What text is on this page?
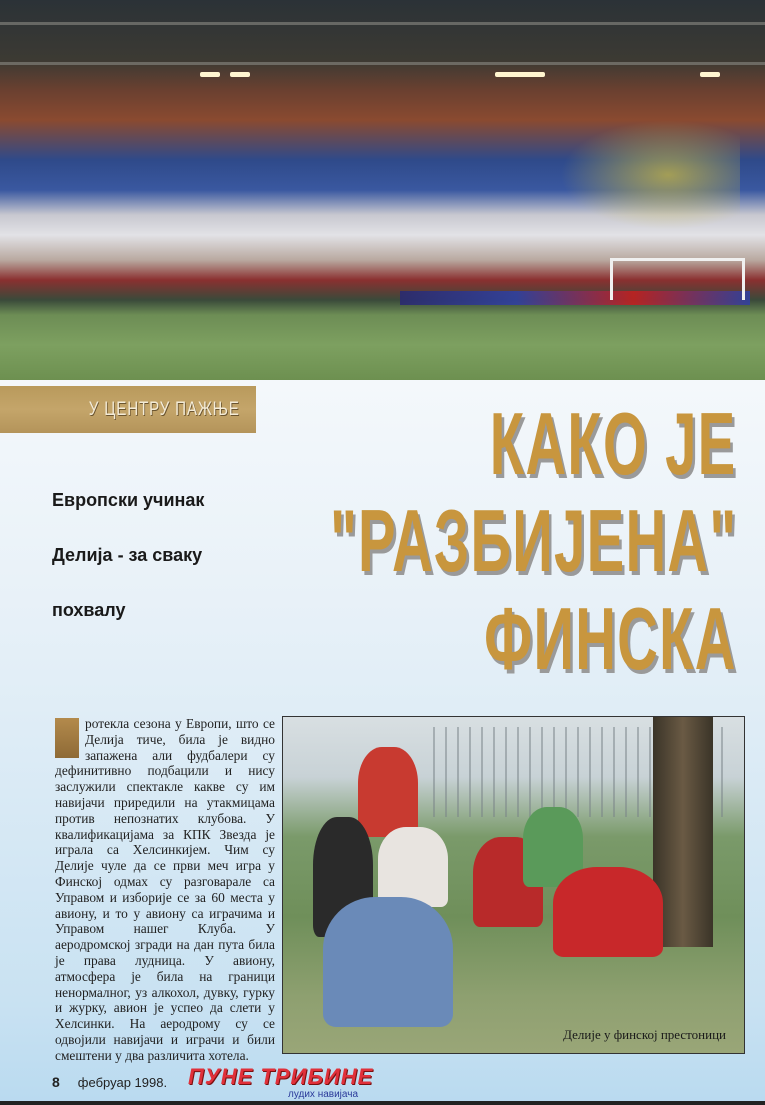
У ЦЕНТРУ ПАЖЊЕ	КАКО ЈЕ
"РАЗБИЈЕНА"
ФИНСКА
Европски учинак
Делија - за сваку
похвалу
ротекла сезона у Европи, што се Делија тиче, била је видно запажена али фудбалери су дефинитивно подбацили и нису заслужили спектакле какве су им навијачи приредили на утакмицама против непознатих клубова. У квалификацијама за КПК Звезда је играла са Хелсинкијем. Чим су Делије чуле да се први меч игра у Финској одмах су разговарале са Управом и изборије се за 60 места у авиону, и то у авиону са играчима и Управом нашег Клуба. У аеродромској згради на дан пута била је права лудница. У авиону, атмосфера је била на граници ненормалног, уз алкохол, дувку, гурку и журку, авион је успео да слети у Хелсинки. На аеродрому су се одвојили навијачи и играчи и били смештени у два различита хотела.
Делије у финској престоници
8 фебруар 1998. ПУНЕ ТРИБИНЕ
лудих навијача
